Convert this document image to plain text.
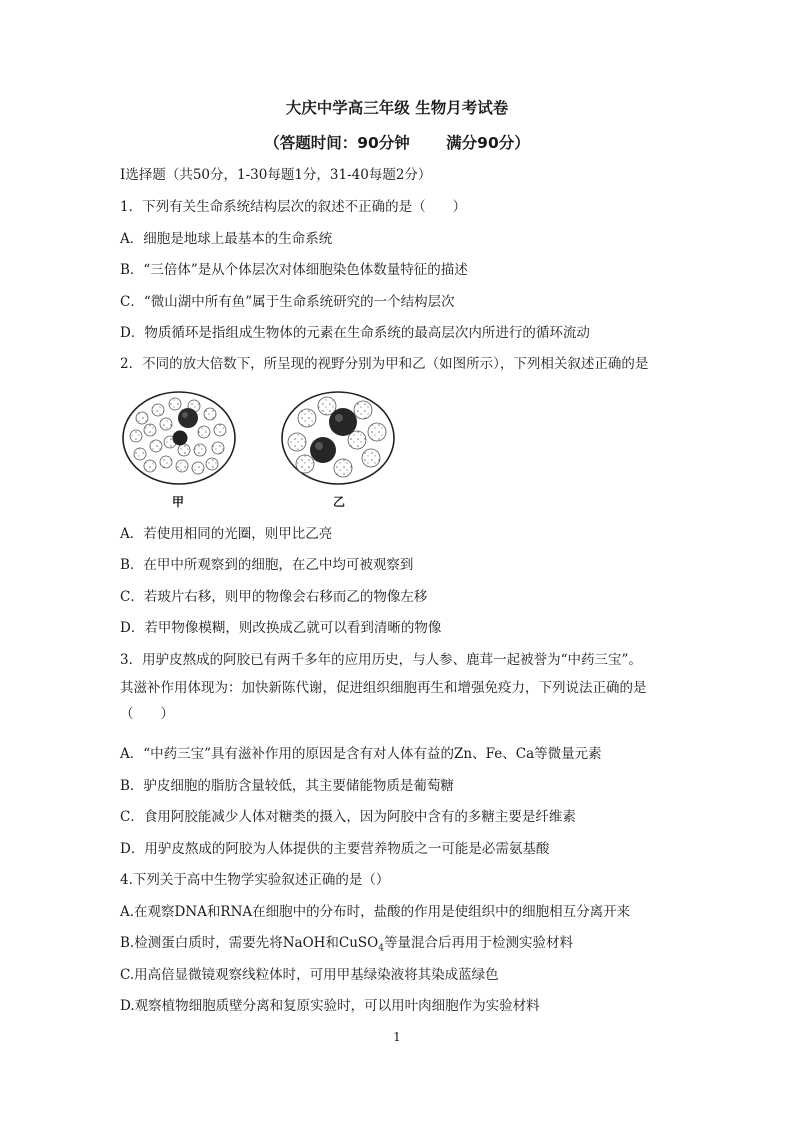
大庆中学高三年级 生物月考试卷
（答题时间：90分钟　　 满分90分）
I选择题（共50分，1-30每题1分，31-40每题2分）
1．下列有关生命系统结构层次的叙述不正确的是（　　）
A．细胞是地球上最基本的生命系统
B．“三倍体”是从个体层次对体细胞染色体数量特征的描述
C．“微山湖中所有鱼”属于生命系统研究的一个结构层次
D．物质循环是指组成生物体的元素在生命系统的最高层次内所进行的循环流动
2．不同的放大倍数下，所呈现的视野分别为甲和乙（如图所示），下列相关叙述正确的是
甲	乙
A．若使用相同的光圈，则甲比乙亮
B．在甲中所观察到的细胞，在乙中均可被观察到
C．若玻片右移，则甲的物像会右移而乙的物像左移
D．若甲物像模糊，则改换成乙就可以看到清晰的物像
3．用驴皮熬成的阿胶已有两千多年的应用历史，与人参、鹿茸一起被誉为“中药三宝”。
其滋补作用体现为：加快新陈代谢，促进组织细胞再生和增强免疫力，下列说法正确的是
（　　）
A．“中药三宝”具有滋补作用的原因是含有对人体有益的Zn、Fe、Ca等微量元素
B．驴皮细胞的脂肪含量较低，其主要储能物质是葡萄糖
C．食用阿胶能减少人体对糖类的摄入，因为阿胶中含有的多糖主要是纤维素
D．用驴皮熬成的阿胶为人体提供的主要营养物质之一可能是必需氨基酸
4.下列关于高中生物学实验叙述正确的是（）
A.在观察DNA和RNA在细胞中的分布时，盐酸的作用是使组织中的细胞相互分离开来
B.检测蛋白质时，需要先将NaOH和CuSO$_4$等量混合后再用于检测实验材料
C.用高倍显微镜观察线粒体时，可用甲基绿染液将其染成蓝绿色
D.观察植物细胞质壁分离和复原实验时，可以用叶肉细胞作为实验材料
1
